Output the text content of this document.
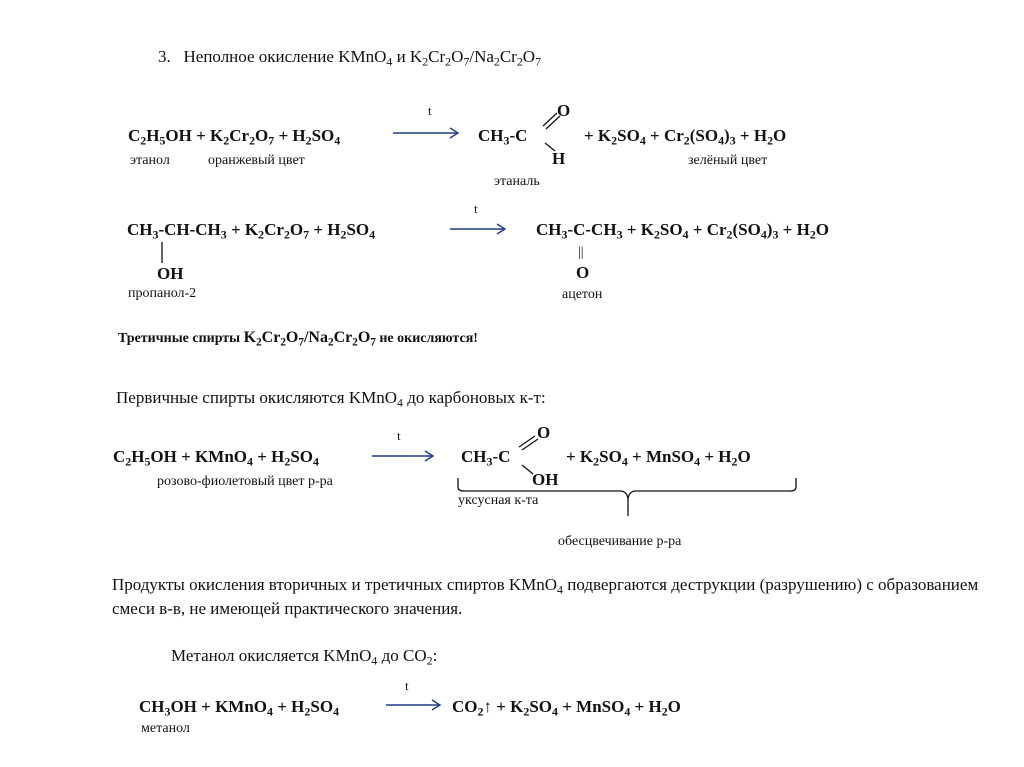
3. Неполное окисление KMnO$_4$ и $K_2Cr_2O_7/Na_2Cr_2O_7$
$C_2H_5OH + K_2Cr_2O_7 + H_2SO_4$
t
$CH_3-C$
O
H
+ $K_2SO_4 + Cr_2(SO_4)_3 + H_2O$
этанол	оранжевый цвет
этаналь
зелёный цвет
$CH_3-CH-CH_3 + K_2Cr_2O_7 + H_2SO_4$
t
OH
$CH_3-C-CH_3 + K_2SO_4 + Cr_2(SO_4)_3 + H_2O$
||
O
пропанол-2	ацетон
Третичные спирты $K_2Cr_2O_7/Na_2Cr_2O_7$ не окисляются!
Первичные спирты окисляются KMnO$_4$ до карбоновых к-т:
$C_2H_5OH$ + KMnO$_4$ + $H_2SO_4$
t
$CH_3-C$
O
OH
+ $K_2SO_4$ + MnSO$_4$ + $H_2O$
розово-фиолетовый цвет р-ра
уксусная к-та
обесцвечивание р-ра
Продукты окисления вторичных и третичных спиртов KMnO$_4$ подвергаются деструкции (разрушению) с образованием смеси в-в, не имеющей практического значения.
Метанол окисляется KMnO$_4$ до $CO_2$:
$CH_3OH$ + KMnO$_4$ + $H_2SO_4$
t
$CO_2↑ + K_2SO_4$ + MnSO$_4$ + $H_2O$
метанол
